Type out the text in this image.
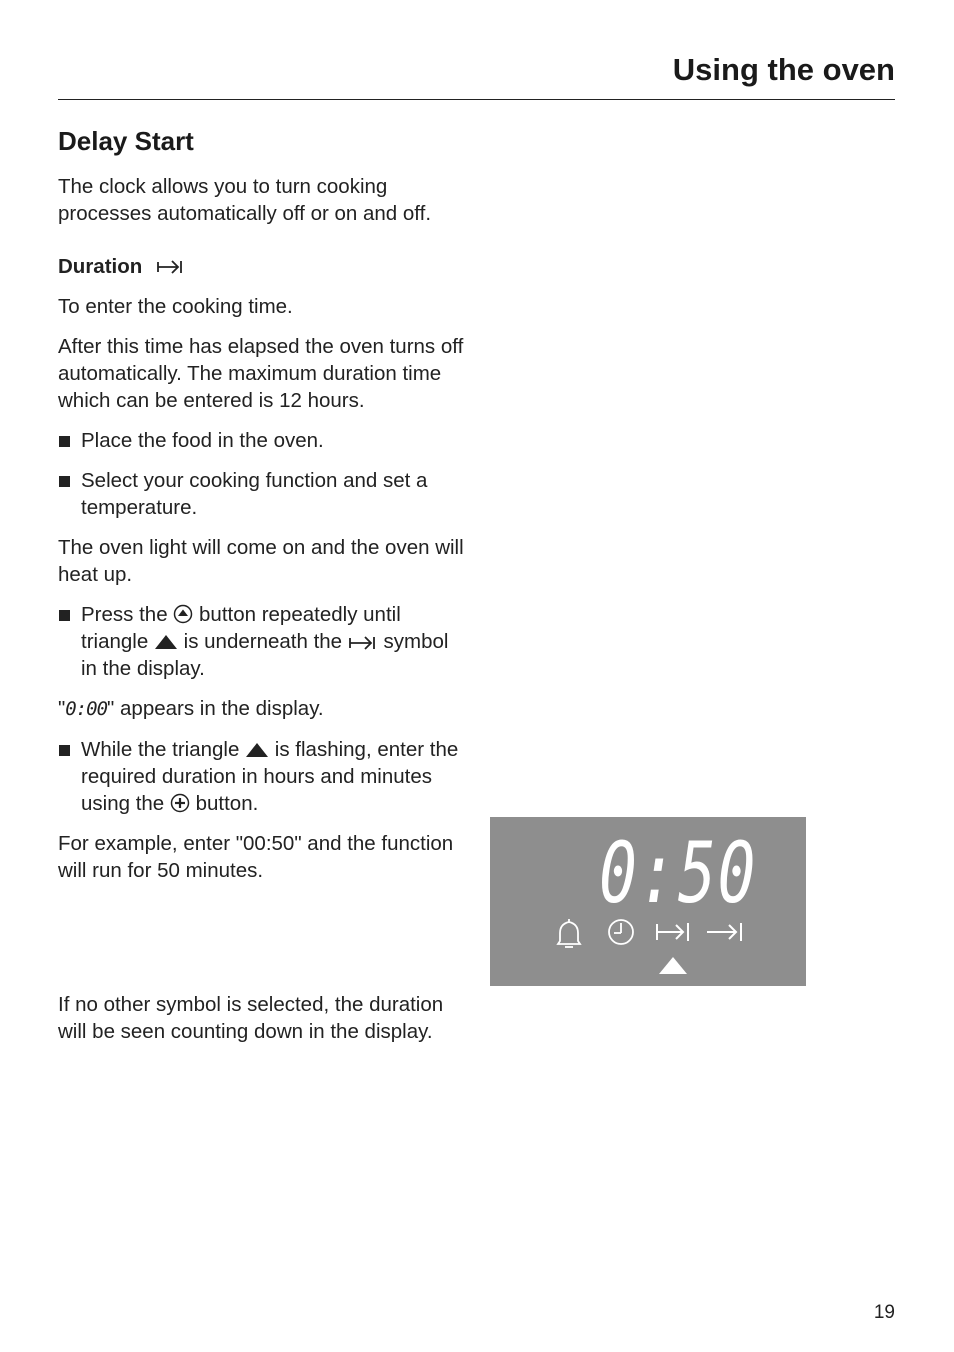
Using the oven
Delay Start

The clock allows you to turn cooking processes automatically off or on and off.

Duration

To enter the cooking time.

After this time has elapsed the oven turns off automatically. The maximum duration time which can be entered is 12 hours.

Place the food in the oven.
Select your cooking function and set a temperature.

The oven light will come on and the oven will heat up.

Press the button repeatedly until triangle is underneath the symbol in the display.

"0:00" appears in the display.

While the triangle is flashing, enter the required duration in hours and minutes using the button.

For example, enter "00:50" and the function will run for 50 minutes.

If no other symbol is selected, the duration will be seen counting down in the display.

0:50

19
